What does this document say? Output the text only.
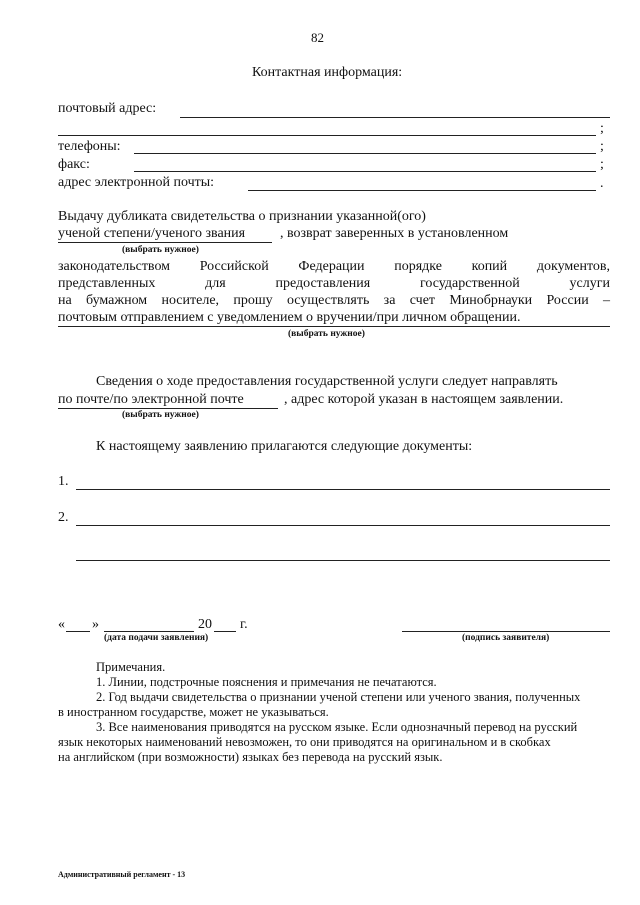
82
Контактная информация:
почтовый адрес:
;
телефоны:	;
факс:	;
адрес электронной почты:	.
Выдачу дубликата свидетельства о признании указанной(ого)
ученой степени/ученого звания , возврат заверенных в установленном
(выбрать нужное)
законодательством Российской Федерации порядке копий документов,
представленных для предоставления государственной услуги
на бумажном носителе, прошу осуществлять за счет Минобрнауки России –
почтовым отправлением с уведомлением о вручении/при личном обращении.
(выбрать нужное)
Сведения о ходе предоставления государственной услуги следует направлять
по почте/по электронной почте	, адрес которой указан в настоящем заявлении.
(выбрать нужное)
К настоящему заявлению прилагаются следующие документы:
1.
2.
« »	20 г.
(дата подачи заявления)	(подпись заявителя)
Примечания.
1. Линии, подстрочные пояснения и примечания не печатаются.
2. Год выдачи свидетельства о признании ученой степени или ученого звания, полученных
в иностранном государстве, может не указываться.
3. Все наименования приводятся на русском языке. Если однозначный перевод на русский
язык некоторых наименований невозможен, то они приводятся на оригинальном и в скобках
на английском (при возможности) языках без перевода на русский язык.
Административный регламент - 13
